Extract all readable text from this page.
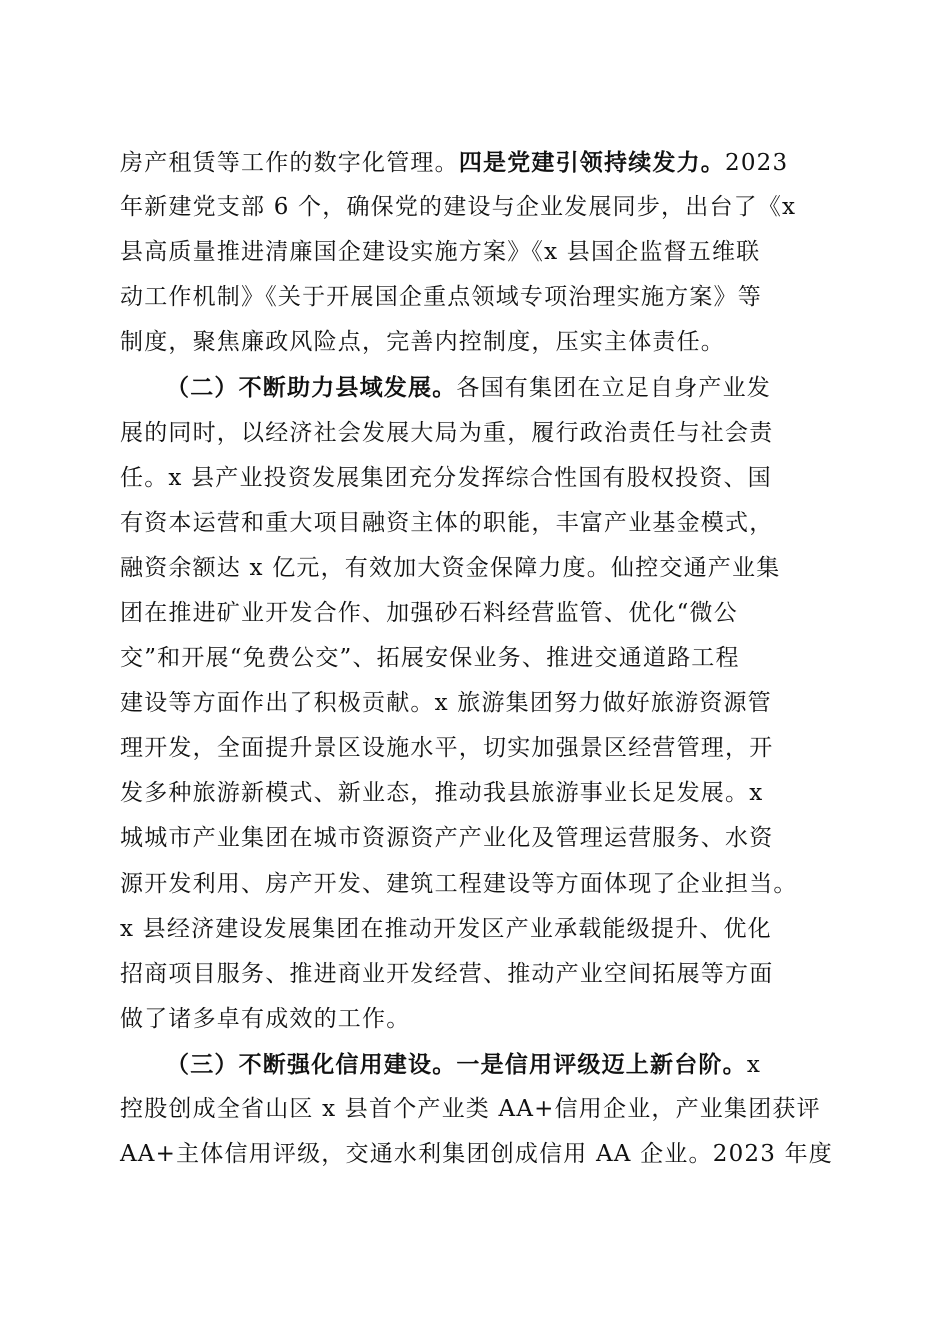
房产租赁等工作的数字化管理。四是党建引领持续发力。2023
年新建党支部 6 个，确保党的建设与企业发展同步，出台了《x
县高质量推进清廉国企建设实施方案》《x 县国企监督五维联
动工作机制》《关于开展国企重点领域专项治理实施方案》等
制度，聚焦廉政风险点，完善内控制度，压实主体责任。
（二）不断助力县域发展。各国有集团在立足自身产业发
展的同时，以经济社会发展大局为重，履行政治责任与社会责
任。x 县产业投资发展集团充分发挥综合性国有股权投资、国
有资本运营和重大项目融资主体的职能，丰富产业基金模式，
融资余额达 x 亿元，有效加大资金保障力度。仙控交通产业集
团在推进矿业开发合作、加强砂石料经营监管、优化“微公
交”和开展“免费公交”、拓展安保业务、推进交通道路工程
建设等方面作出了积极贡献。x 旅游集团努力做好旅游资源管
理开发，全面提升景区设施水平，切实加强景区经营管理，开
发多种旅游新模式、新业态，推动我县旅游事业长足发展。x
城城市产业集团在城市资源资产产业化及管理运营服务、水资
源开发利用、房产开发、建筑工程建设等方面体现了企业担当。
x 县经济建设发展集团在推动开发区产业承载能级提升、优化
招商项目服务、推进商业开发经营、推动产业空间拓展等方面
做了诸多卓有成效的工作。
（三）不断强化信用建设。一是信用评级迈上新台阶。x
控股创成全省山区 x 县首个产业类 AA+信用企业，产业集团获评
AA+主体信用评级，交通水利集团创成信用 AA 企业。2023 年度
